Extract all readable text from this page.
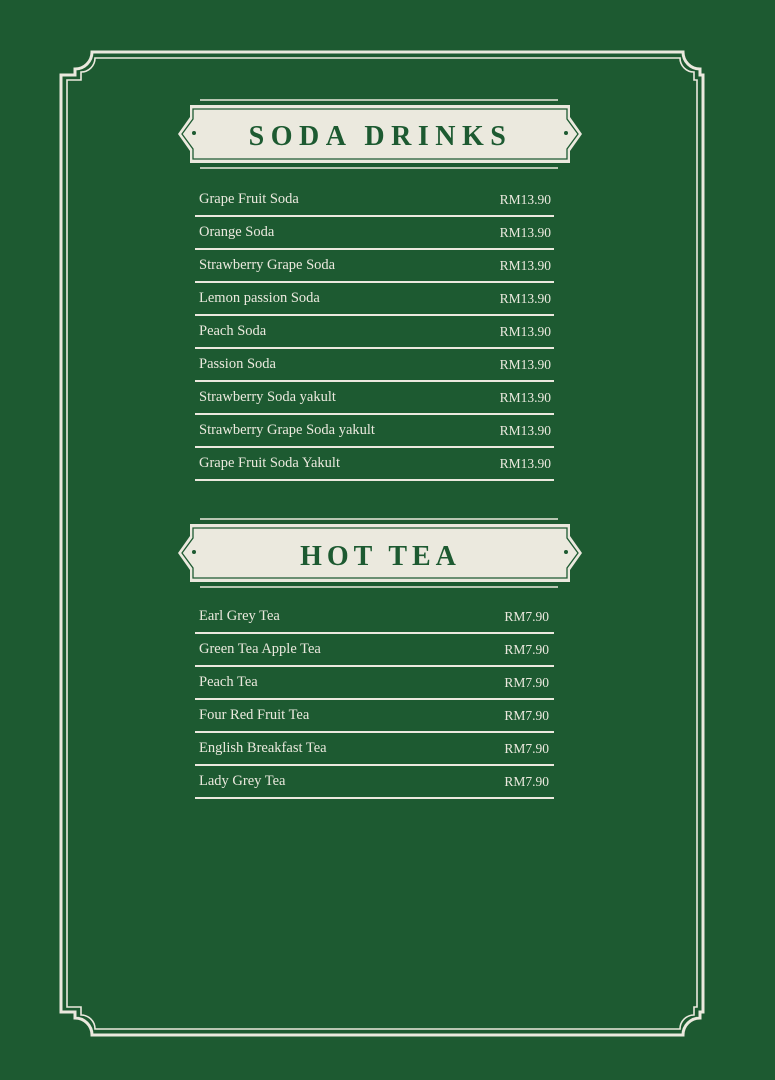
SODA DRINKS
Grape Fruit Soda	RM13.90
Orange Soda	RM13.90
Strawberry Grape Soda	RM13.90
Lemon passion Soda	RM13.90
Peach Soda	RM13.90
Passion Soda	RM13.90
Strawberry Soda yakult	RM13.90
Strawberry Grape Soda yakult	RM13.90
Grape Fruit Soda Yakult	RM13.90
HOT TEA
Earl Grey Tea	RM7.90
Green Tea Apple Tea	RM7.90
Peach Tea	RM7.90
Four Red Fruit Tea	RM7.90
English Breakfast Tea	RM7.90
Lady Grey Tea	RM7.90
